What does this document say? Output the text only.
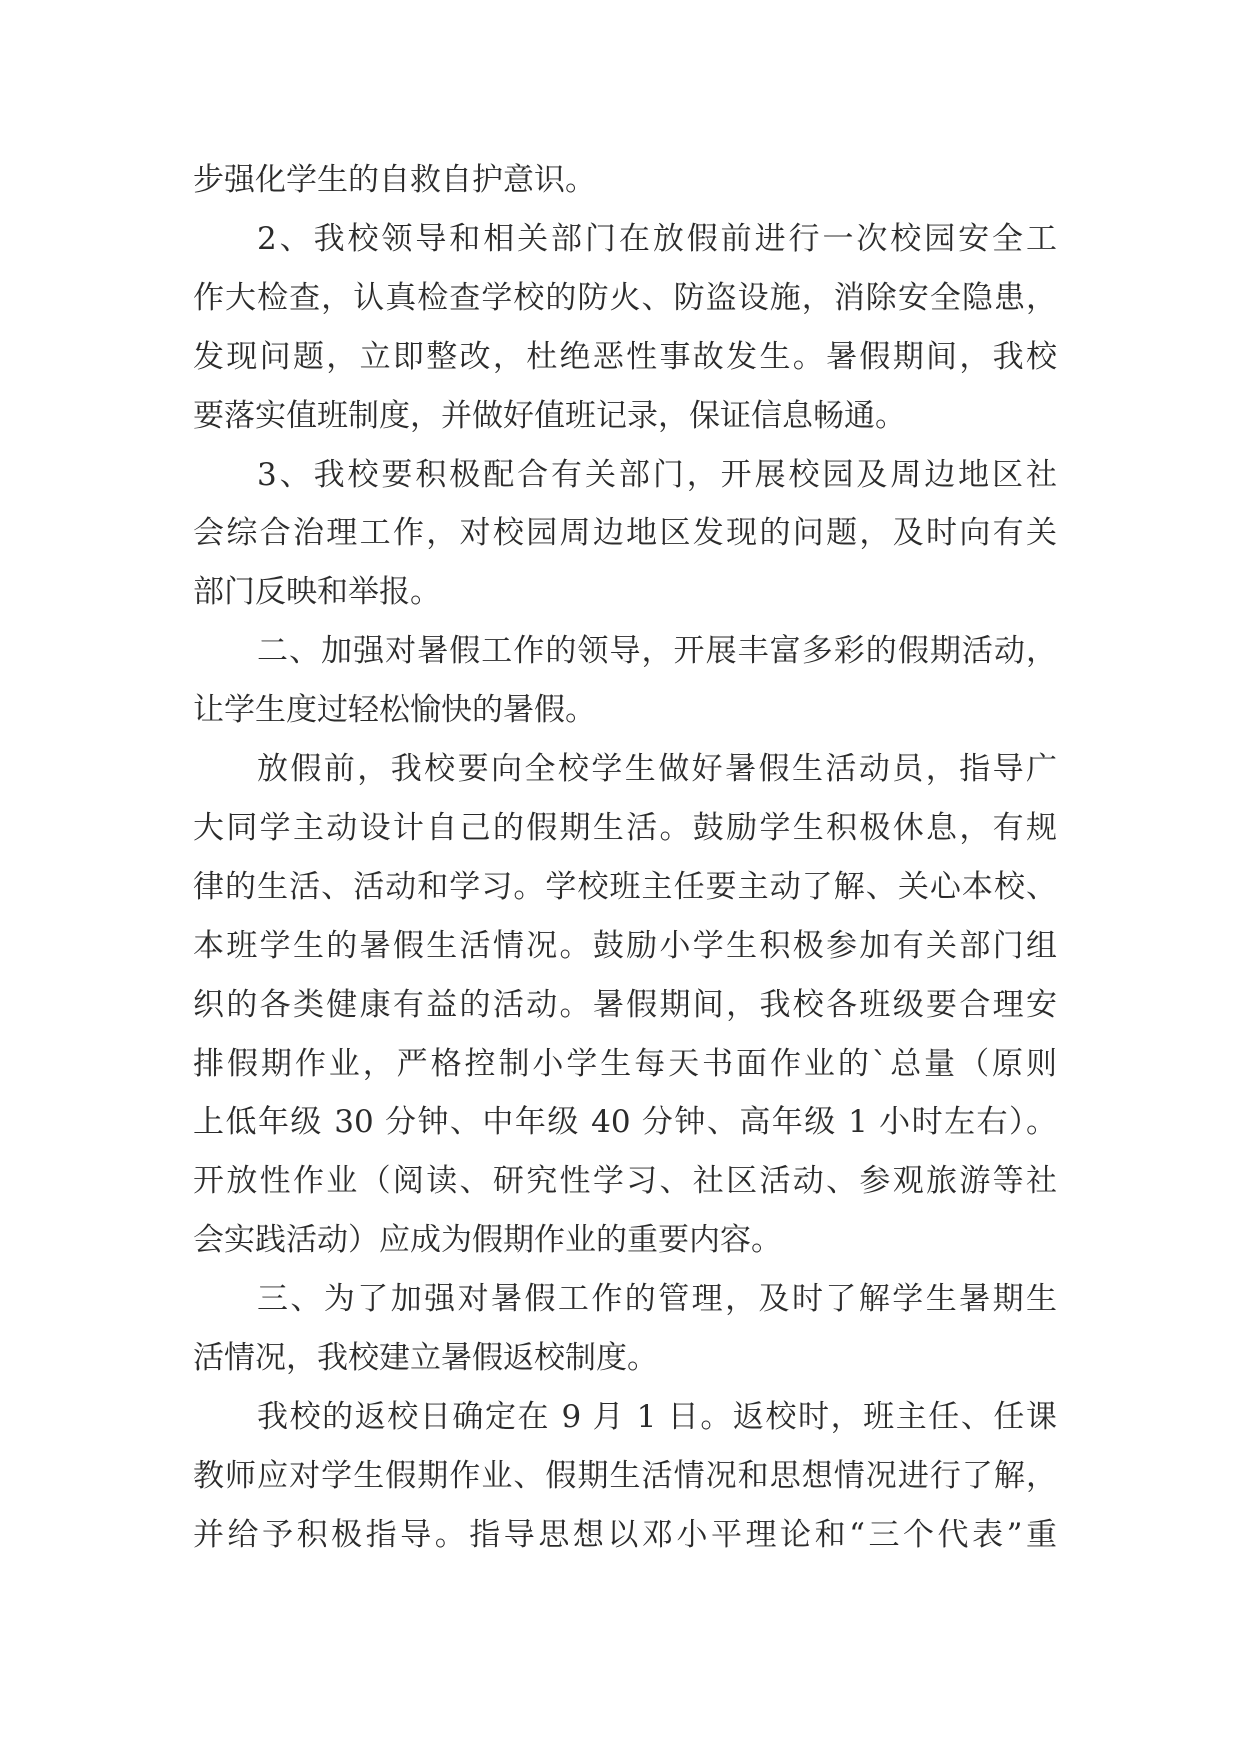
步强化学生的自救自护意识。
2、我校领导和相关部门在放假前进行一次校园安全工
作大检查，认真检查学校的防火、防盗设施，消除安全隐患，
发现问题，立即整改，杜绝恶性事故发生。暑假期间，我校
要落实值班制度，并做好值班记录，保证信息畅通。
3、我校要积极配合有关部门，开展校园及周边地区社
会综合治理工作，对校园周边地区发现的问题，及时向有关
部门反映和举报。
二、加强对暑假工作的领导，开展丰富多彩的假期活动，
让学生度过轻松愉快的暑假。
放假前，我校要向全校学生做好暑假生活动员，指导广
大同学主动设计自己的假期生活。鼓励学生积极休息，有规
律的生活、活动和学习。学校班主任要主动了解、关心本校、
本班学生的暑假生活情况。鼓励小学生积极参加有关部门组
织的各类健康有益的活动。暑假期间，我校各班级要合理安
排假期作业，严格控制小学生每天书面作业的`总量（原则
上低年级 30 分钟、中年级 40 分钟、高年级 1 小时左右）。
开放性作业（阅读、研究性学习、社区活动、参观旅游等社
会实践活动）应成为假期作业的重要内容。
三、为了加强对暑假工作的管理，及时了解学生暑期生
活情况，我校建立暑假返校制度。
我校的返校日确定在 9 月 1 日。返校时，班主任、任课
教师应对学生假期作业、假期生活情况和思想情况进行了解，
并给予积极指导。指导思想以邓小平理论和“三个代表”重
